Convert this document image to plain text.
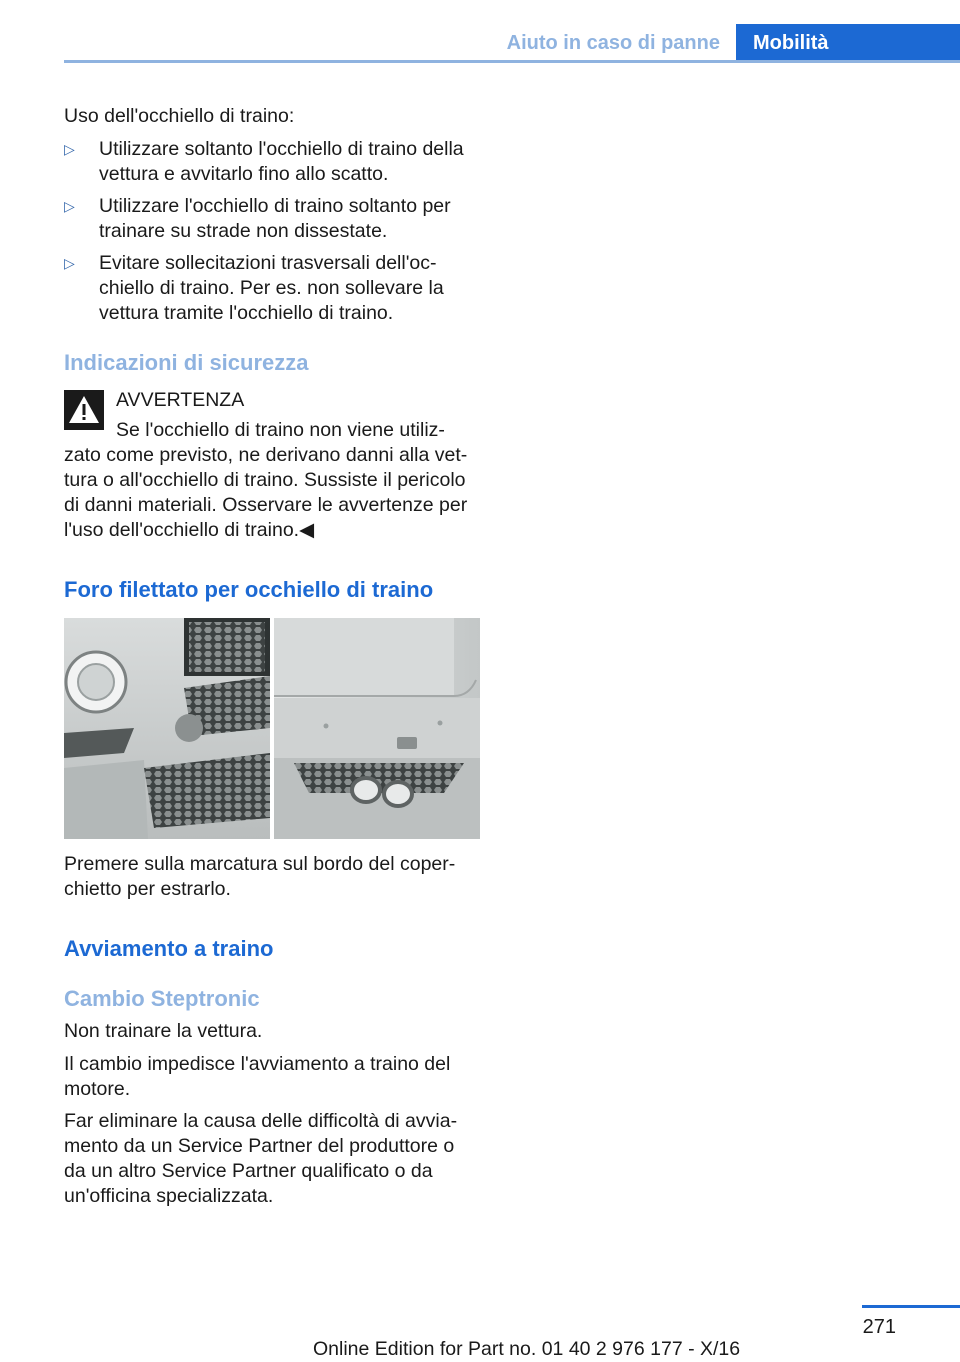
Aiuto in caso di panne	Mobilità

Uso dell'occhiello di traino:

▷ Utilizzare soltanto l'occhiello di traino della vettura e avvitarlo fino allo scatto.
▷ Utilizzare l'occhiello di traino soltanto per trainare su strade non dissestate.
▷ Evitare sollecitazioni trasversali dell'oc- chiello di traino. Per es. non sollevare la vettura tramite l'occhiello di traino.
Indicazioni di sicurezza
AVVERTENZA
Se l'occhiello di traino non viene utiliz-
zato come previsto, ne derivano danni alla vet- tura o all'occhiello di traino. Sussiste il pericolo di danni materiali. Osservare le avvertenze per l'uso dell'occhiello di traino.◀
Foro filettato per occhiello di traino
Premere sulla marcatura sul bordo del coper- chietto per estrarlo.
Avviamento a traino
Cambio Steptronic
Non trainare la vettura.
Il cambio impedisce l'avviamento a traino del motore.
Far eliminare la causa delle difficoltà di avvia- mento da un Service Partner del produttore o da un altro Service Partner qualificato o da un'officina specializzata.
271
Online Edition for Part no. 01 40 2 976 177 - X/16
